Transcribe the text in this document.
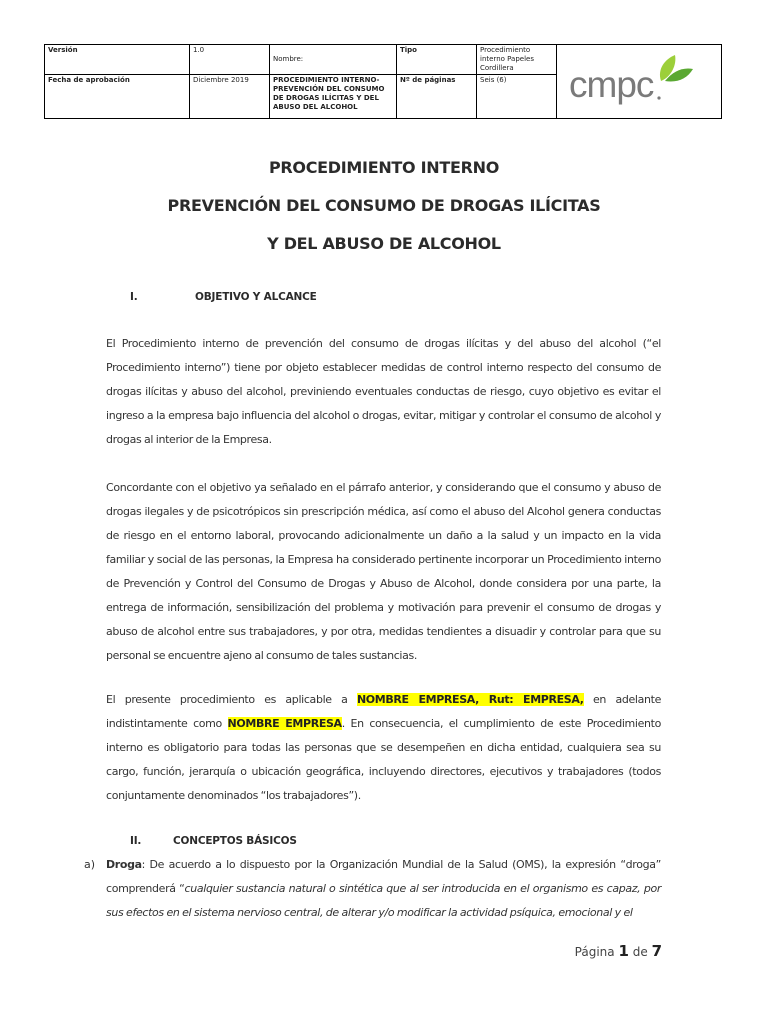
Versión	1.0	Nombre:	Tipo	Procedimiento interno Papeles Cordillera	cmpc

Fecha de aprobación	Diciembre 2019	PROCEDIMIENTO INTERNO- PREVENCIÓN DEL CONSUMO DE DROGAS ILÍCITAS Y DEL ABUSO DEL ALCOHOL	Nº de páginas	Seis (6)	
PROCEDIMIENTO INTERNO
PREVENCIÓN DEL CONSUMO DE DROGAS ILÍCITAS
Y DEL ABUSO DE ALCOHOL
I.	OBJETIVO Y ALCANCE
El Procedimiento interno de prevención del consumo de drogas ilícitas y del abuso del alcohol (“el Procedimiento interno”) tiene por objeto establecer medidas de control interno respecto del consumo de drogas ilícitas y abuso del alcohol, previniendo eventuales conductas de riesgo, cuyo objetivo es evitar el ingreso a la empresa bajo influencia del alcohol o drogas, evitar, mitigar y controlar el consumo de alcohol y drogas al interior de la Empresa.
Concordante con el objetivo ya señalado en el párrafo anterior, y considerando que el consumo y abuso de drogas ilegales y de psicotrópicos sin prescripción médica, así como el abuso del Alcohol genera conductas de riesgo en el entorno laboral, provocando adicionalmente un daño a la salud y un impacto en la vida familiar y social de las personas, la Empresa ha considerado pertinente incorporar un Procedimiento interno de Prevención y Control del Consumo de Drogas y Abuso de Alcohol, donde considera por una parte, la entrega de información, sensibilización del problema y motivación para prevenir el consumo de drogas y abuso de alcohol entre sus trabajadores, y por otra, medidas tendientes a disuadir y controlar para que su personal se encuentre ajeno al consumo de tales sustancias.
El presente procedimiento es aplicable a NOMBRE EMPRESA, Rut: EMPRESA, en adelante indistintamente como NOMBRE EMPRESA. En consecuencia, el cumplimiento de este Procedimiento interno es obligatorio para todas las personas que se desempeñen en dicha entidad, cualquiera sea su cargo, función, jerarquía o ubicación geográfica, incluyendo directores, ejecutivos y trabajadores (todos conjuntamente denominados “los trabajadores”).
II.	CONCEPTOS BÁSICOS
a) Droga: De acuerdo a lo dispuesto por la Organización Mundial de la Salud (OMS), la expresión “droga” comprenderá “cualquier sustancia natural o sintética que al ser introducida en el organismo es capaz, por sus efectos en el sistema nervioso central, de alterar y/o modificar la actividad psíquica, emocional y el
Página 1 de 7
